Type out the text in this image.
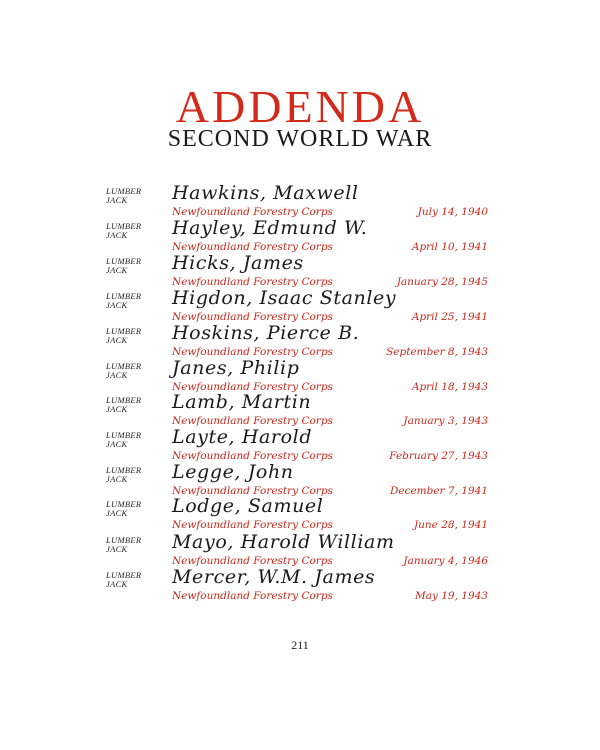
ADDENDA
SECOND WORLD WAR
LUMBER
JACK	Hawkins, Maxwell
Newfoundland Forestry Corps	July 14, 1940
LUMBER
JACK	Hayley, Edmund W.
Newfoundland Forestry Corps	April 10, 1941
LUMBER
JACK	Hicks, James
Newfoundland Forestry Corps	January 28, 1945
LUMBER
JACK	Higdon, Isaac Stanley
Newfoundland Forestry Corps	April 25, 1941
LUMBER
JACK	Hoskins, Pierce B.
Newfoundland Forestry Corps	September 8, 1943
LUMBER
JACK	Janes, Philip
Newfoundland Forestry Corps	April 18, 1943
LUMBER
JACK	Lamb, Martin
Newfoundland Forestry Corps	January 3, 1943
LUMBER
JACK	Layte, Harold
Newfoundland Forestry Corps	February 27, 1943
LUMBER
JACK	Legge, John
Newfoundland Forestry Corps	December 7, 1941
LUMBER
JACK	Lodge, Samuel
Newfoundland Forestry Corps	June 28, 1941
LUMBER
JACK	Mayo, Harold William
Newfoundland Forestry Corps	January 4, 1946
LUMBER
JACK	Mercer, W.M. James
Newfoundland Forestry Corps	May 19, 1943
211
